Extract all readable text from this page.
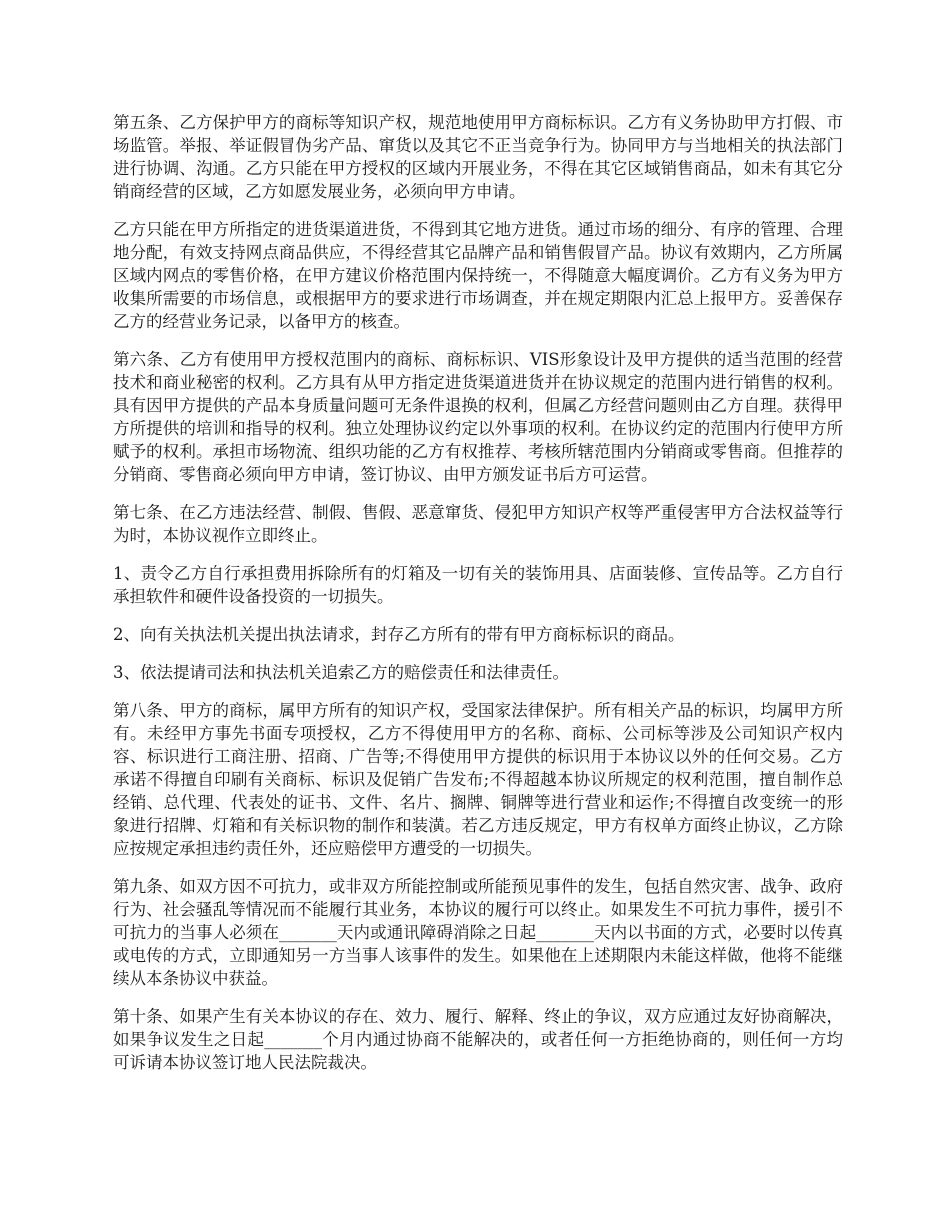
第五条、乙方保护甲方的商标等知识产权，规范地使用甲方商标标识。乙方有义务协助甲方打假、市场监管。举报、举证假冒伪劣产品、窜货以及其它不正当竞争行为。协同甲方与当地相关的执法部门进行协调、沟通。乙方只能在甲方授权的区域内开展业务，不得在其它区域销售商品，如未有其它分销商经营的区域，乙方如愿发展业务，必须向甲方申请。

乙方只能在甲方所指定的进货渠道进货，不得到其它地方进货。通过市场的细分、有序的管理、合理地分配，有效支持网点商品供应，不得经营其它品牌产品和销售假冒产品。协议有效期内，乙方所属区域内网点的零售价格，在甲方建议价格范围内保持统一，不得随意大幅度调价。乙方有义务为甲方收集所需要的市场信息，或根据甲方的要求进行市场调查，并在规定期限内汇总上报甲方。妥善保存乙方的经营业务记录，以备甲方的核查。

第六条、乙方有使用甲方授权范围内的商标、商标标识、VIS形象设计及甲方提供的适当范围的经营技术和商业秘密的权利。乙方具有从甲方指定进货渠道进货并在协议规定的范围内进行销售的权利。具有因甲方提供的产品本身质量问题可无条件退换的权利，但属乙方经营问题则由乙方自理。获得甲方所提供的培训和指导的权利。独立处理协议约定以外事项的权利。在协议约定的范围内行使甲方所赋予的权利。承担市场物流、组织功能的乙方有权推荐、考核所辖范围内分销商或零售商。但推荐的分销商、零售商必须向甲方申请，签订协议、由甲方颁发证书后方可运营。

第七条、在乙方违法经营、制假、售假、恶意窜货、侵犯甲方知识产权等严重侵害甲方合法权益等行为时，本协议视作立即终止。

1、责令乙方自行承担费用拆除所有的灯箱及一切有关的装饰用具、店面装修、宣传品等。乙方自行承担软件和硬件设备投资的一切损失。

2、向有关执法机关提出执法请求，封存乙方所有的带有甲方商标标识的商品。

3、依法提请司法和执法机关追索乙方的赔偿责任和法律责任。

第八条、甲方的商标，属甲方所有的知识产权，受国家法律保护。所有相关产品的标识，均属甲方所有。未经甲方事先书面专项授权，乙方不得使用甲方的名称、商标、公司标等涉及公司知识产权内容、标识进行工商注册、招商、广告等;不得使用甲方提供的标识用于本协议以外的任何交易。乙方承诺不得擅自印刷有关商标、标识及促销广告发布;不得超越本协议所规定的权利范围，擅自制作总经销、总代理、代表处的证书、文件、名片、搁牌、铜牌等进行营业和运作;不得擅自改变统一的形象进行招牌、灯箱和有关标识物的制作和装潢。若乙方违反规定，甲方有权单方面终止协议，乙方除应按规定承担违约责任外，还应赔偿甲方遭受的一切损失。

第九条、如双方因不可抗力，或非双方所能控制或所能预见事件的发生，包括自然灾害、战争、政府行为、社会骚乱等情况而不能履行其业务，本协议的履行可以终止。如果发生不可抗力事件，援引不可抗力的当事人必须在_______天内或通讯障碍消除之日起_______天内以书面的方式，必要时以传真或电传的方式，立即通知另一方当事人该事件的发生。如果他在上述期限内未能这样做，他将不能继续从本条协议中获益。

第十条、如果产生有关本协议的存在、效力、履行、解释、终止的争议，双方应通过友好协商解决，如果争议发生之日起_______个月内通过协商不能解决的，或者任何一方拒绝协商的，则任何一方均可诉请本协议签订地人民法院裁决。
